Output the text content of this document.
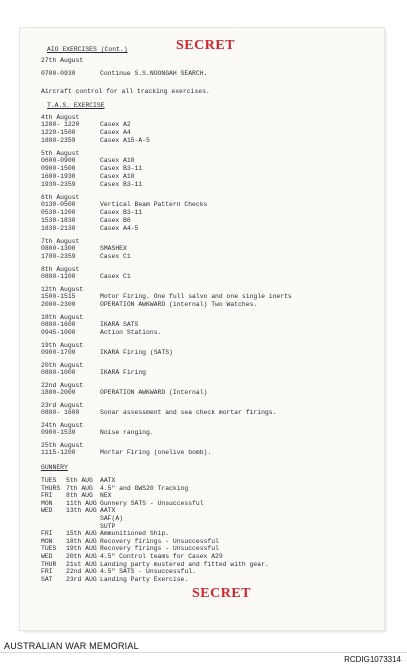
SECRET
AIO EXERCISES (Cont.)
27th August
0700-0930	Continue S.S.NOONGAH SEARCH.
Aircraft control for all tracking exercises.
T.A.S. EXERCISE
4th August
1200- 1220	Casex A2
1220-1500	Casex A4
1800-2359	Casex A15-A-5
5th August
0600-0900	Casex A10
0900-1500	Casex B3-11
1600-1930	Casex A10
1930-2359	Casex B3-11
6th August
0130-0500	Vertical Beam Pattern Checks
0530-1200	Casex B3-11
1530-1830	Casex B6
1830-2130	Casex A4-5
7th August
0800-1300	SMASHEX
1700-2359	Casex C1
8th August
0800-1100	Casex C1
12th August
1500-1515	Motor Firing. One full salvo and one single inerts
2000-2300	OPERATION AWKWARD (internal) Two Watches.
18th August
0800-1600	IKARA SATS
0945-1000	Action Stations.
19th August
0900-1700	IKARA Firing (SATS)
20th August
0800-1000	IKARA Firing
22nd August
1800-2000	OPERATION AWKWARD (Internal)
23rd August
0800- 1600	Sonar assessment and sea check mortar firings.
24th August
0900-1530	Noise ranging.
25th August
1115-1200	Mortar Firing (onelive bomb).
GUNNERY
TUES 5th AUG AATX
THURS 7th AUG 4.5" and GWS20 Tracking
FRI 8th AUG NEX
MON 11th AUG Gunnery SATS - Unsuccessful
WED 13th AUG AATX
SAF(A)
SUTP
FRI 15th AUG Ammunitioned Ship.
MON 18th AUG Recovery firings - Unsuccessful
TUES 19th AUG Recovery firings - Unsuccessful
WED 20th AUG 4.5" Control teams for Casex A29
THUR 21st AUG Landing party mustered and fitted with gear.
FRI 22nd AUG 4.5" SATS - Unsuccessful.
SAT 23rd AUG Landing Party Exercise.
SECRET
AUSTRALIAN WAR MEMORIAL
RCDIG1073314
